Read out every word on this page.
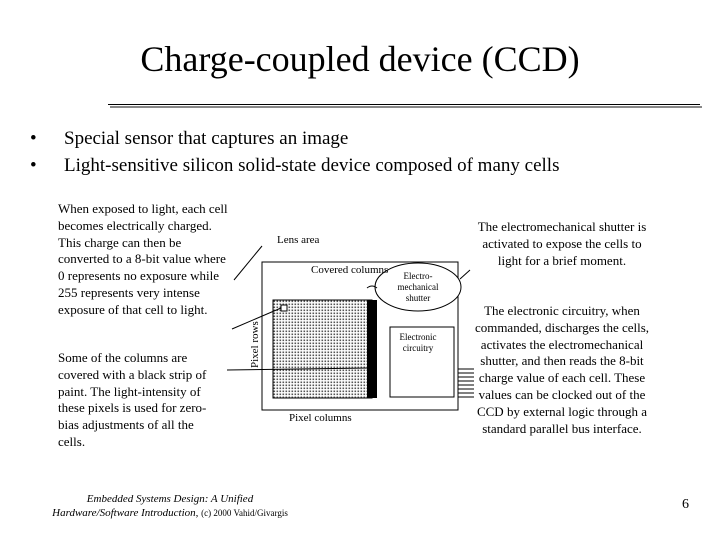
Charge-coupled device (CCD)
•	Special sensor that captures an image
•	Light-sensitive silicon solid-state device composed of many cells
When exposed to light, each cell becomes electrically charged. This charge can then be converted to a 8-bit value where 0 represents no exposure while 255 represents very intense exposure of that cell to light.
Some of the columns are covered with a black strip of paint. The light-intensity of these pixels is used for zero-bias adjustments of all the cells.
The electromechanical shutter is activated to expose the cells to light for a brief moment.
The electronic circuitry, when commanded, discharges the cells, activates the electromechanical shutter, and then reads the 8-bit charge value of each cell. These values can be clocked out of the CCD by external logic through a standard parallel bus interface.
Lens area
Covered columns Electro-
mechanical
shutter
Electronic
circuitry
Pixel columns
Pixel rows
Embedded Systems Design: A Unified
Hardware/Software Introduction, (c) 2000 Vahid/Givargis
6
